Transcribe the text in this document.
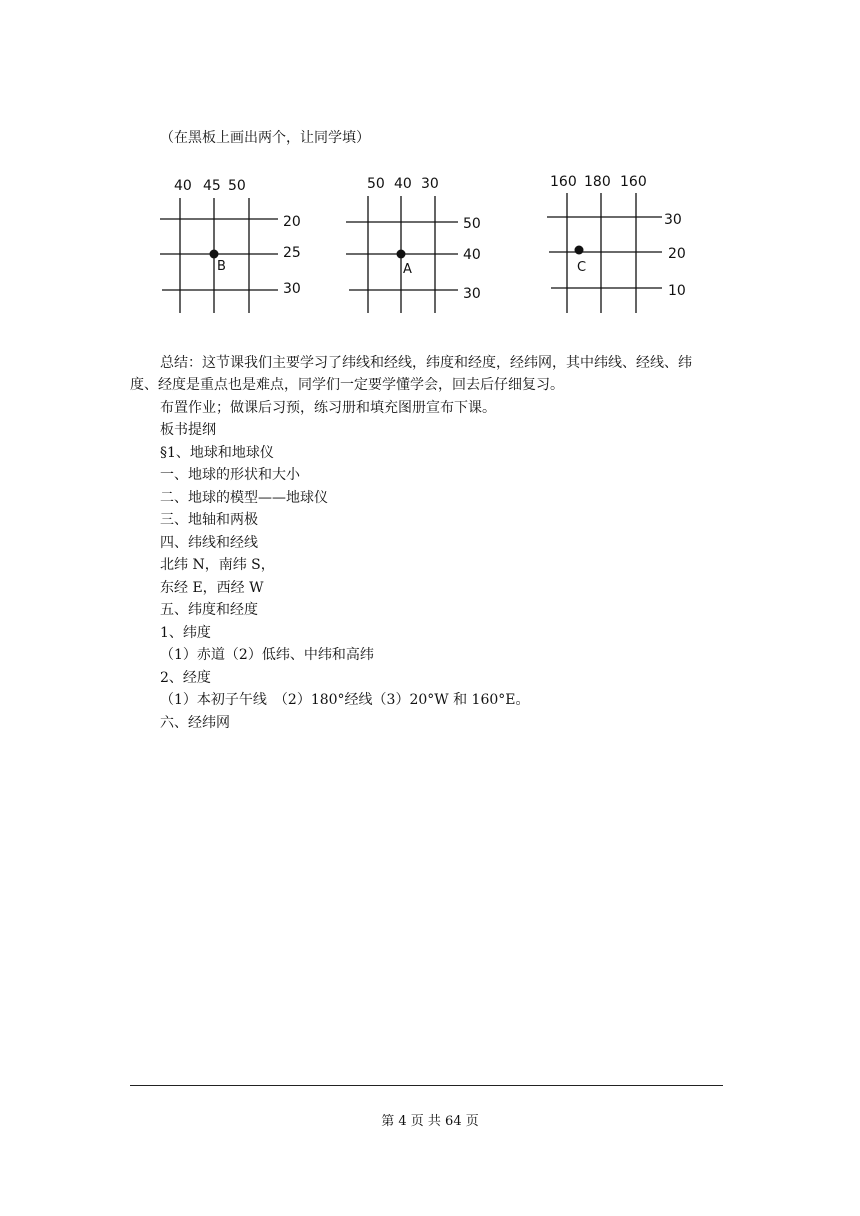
（在黑板上画出两个，让同学填）
40 45 50
20
25
30
B
50 40 30
50
40
30
A
160 180 160
30
20
10
C
总结：这节课我们主要学习了纬线和经线，纬度和经度，经纬网，其中纬线、经线、纬
度、经度是重点也是难点，同学们一定要学懂学会，回去后仔细复习。
布置作业；做课后习预，练习册和填充图册宣布下课。
板书提纲
§1、地球和地球仪
一、地球的形状和大小
二、地球的模型——地球仪
三、地轴和两极
四、纬线和经线
北纬 N，南纬 S，
东经 E，西经 W
五、纬度和经度
1、纬度
（1）赤道（2）低纬、中纬和高纬
2、经度
（1）本初子午线　（2）180°经线（3）20°W 和 160°E。
六、经纬网
第 4 页 共 64 页
